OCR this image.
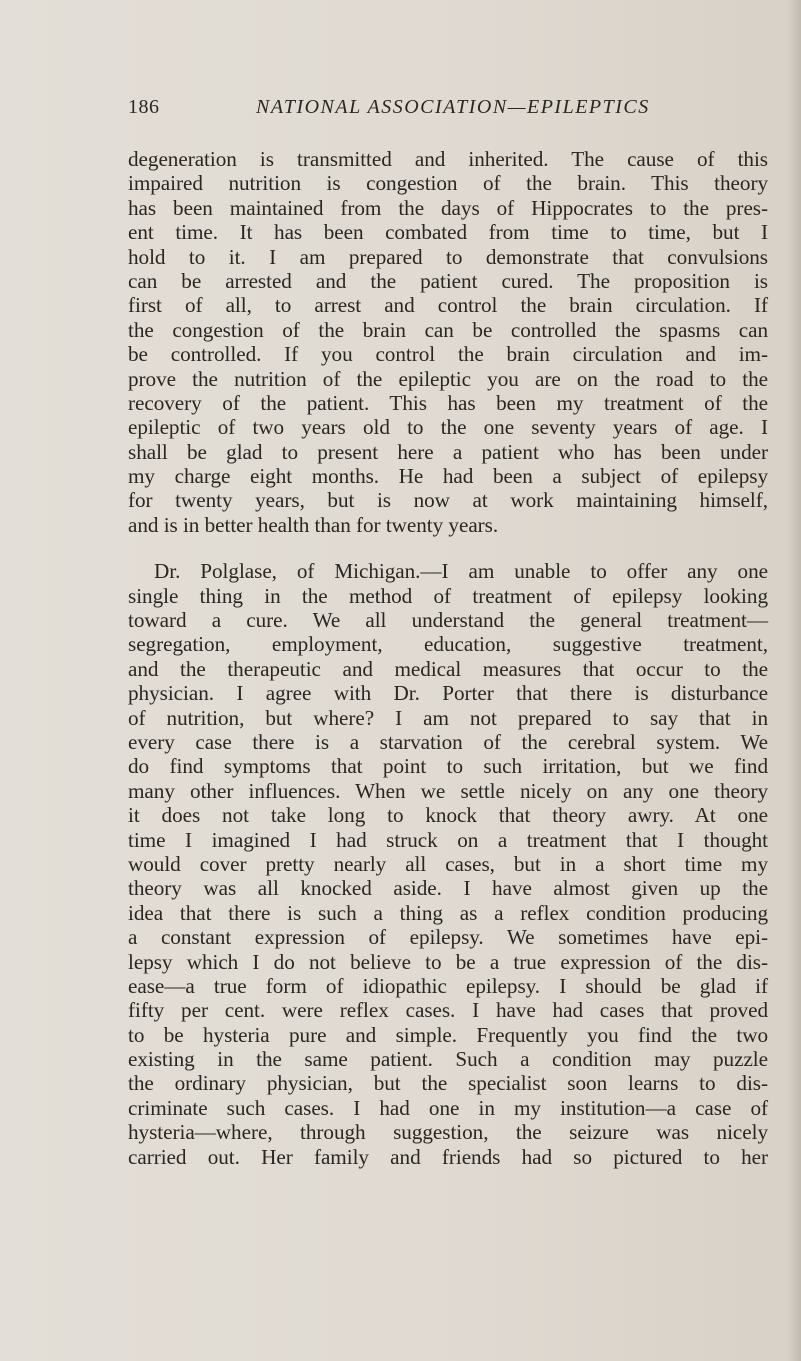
186	NATIONAL ASSOCIATION—EPILEPTICS
degeneration is transmitted and inherited. The cause of this
impaired nutrition is congestion of the brain. This theory
has been maintained from the days of Hippocrates to the pres-
ent time. It has been combated from time to time, but I
hold to it. I am prepared to demonstrate that convulsions
can be arrested and the patient cured. The proposition is
first of all, to arrest and control the brain circulation. If
the congestion of the brain can be controlled the spasms can
be controlled. If you control the brain circulation and im-
prove the nutrition of the epileptic you are on the road to the
recovery of the patient. This has been my treatment of the
epileptic of two years old to the one seventy years of age. I
shall be glad to present here a patient who has been under
my charge eight months. He had been a subject of epilepsy
for twenty years, but is now at work maintaining himself,
and is in better health than for twenty years.
Dr. Polglase, of Michigan.—I am unable to offer any one
single thing in the method of treatment of epilepsy looking
toward a cure. We all understand the general treatment—
segregation, employment, education, suggestive treatment,
and the therapeutic and medical measures that occur to the
physician. I agree with Dr. Porter that there is disturbance
of nutrition, but where? I am not prepared to say that in
every case there is a starvation of the cerebral system. We
do find symptoms that point to such irritation, but we find
many other influences. When we settle nicely on any one theory
it does not take long to knock that theory awry. At one
time I imagined I had struck on a treatment that I thought
would cover pretty nearly all cases, but in a short time my
theory was all knocked aside. I have almost given up the
idea that there is such a thing as a reflex condition producing
a constant expression of epilepsy. We sometimes have epi-
lepsy which I do not believe to be a true expression of the dis-
ease—a true form of idiopathic epilepsy. I should be glad if
fifty per cent. were reflex cases. I have had cases that proved
to be hysteria pure and simple. Frequently you find the two
existing in the same patient. Such a condition may puzzle
the ordinary physician, but the specialist soon learns to dis-
criminate such cases. I had one in my institution—a case of
hysteria—where, through suggestion, the seizure was nicely
carried out. Her family and friends had so pictured to her
